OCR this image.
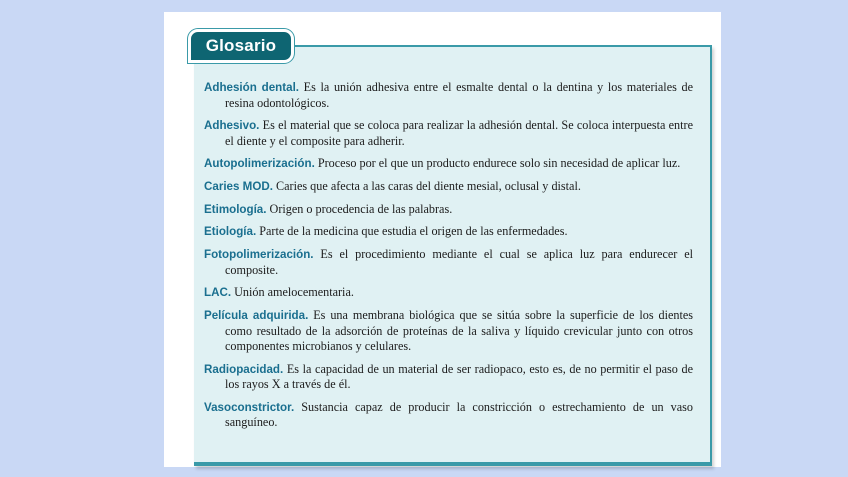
Glosario
Adhesión dental. Es la unión adhesiva entre el esmalte dental o la dentina y los materiales de resina odontológicos.
Adhesivo. Es el material que se coloca para realizar la adhesión dental. Se coloca interpuesta entre el diente y el composite para adherir.
Autopolimerización. Proceso por el que un producto endurece solo sin necesidad de aplicar luz.
Caries MOD. Caries que afecta a las caras del diente mesial, oclusal y distal.
Etimología. Origen o procedencia de las palabras.
Etiología. Parte de la medicina que estudia el origen de las enfermedades.
Fotopolimerización. Es el procedimiento mediante el cual se aplica luz para endurecer el composite.
LAC. Unión amelocementaria.
Película adquirida. Es una membrana biológica que se sitúa sobre la superficie de los dientes como resultado de la adsorción de proteínas de la saliva y líquido crevicular junto con otros componentes microbianos y celulares.
Radiopacidad. Es la capacidad de un material de ser radiopaco, esto es, de no permitir el paso de los rayos X a través de él.
Vasoconstrictor. Sustancia capaz de producir la constricción o estrechamiento de un vaso sanguíneo.
